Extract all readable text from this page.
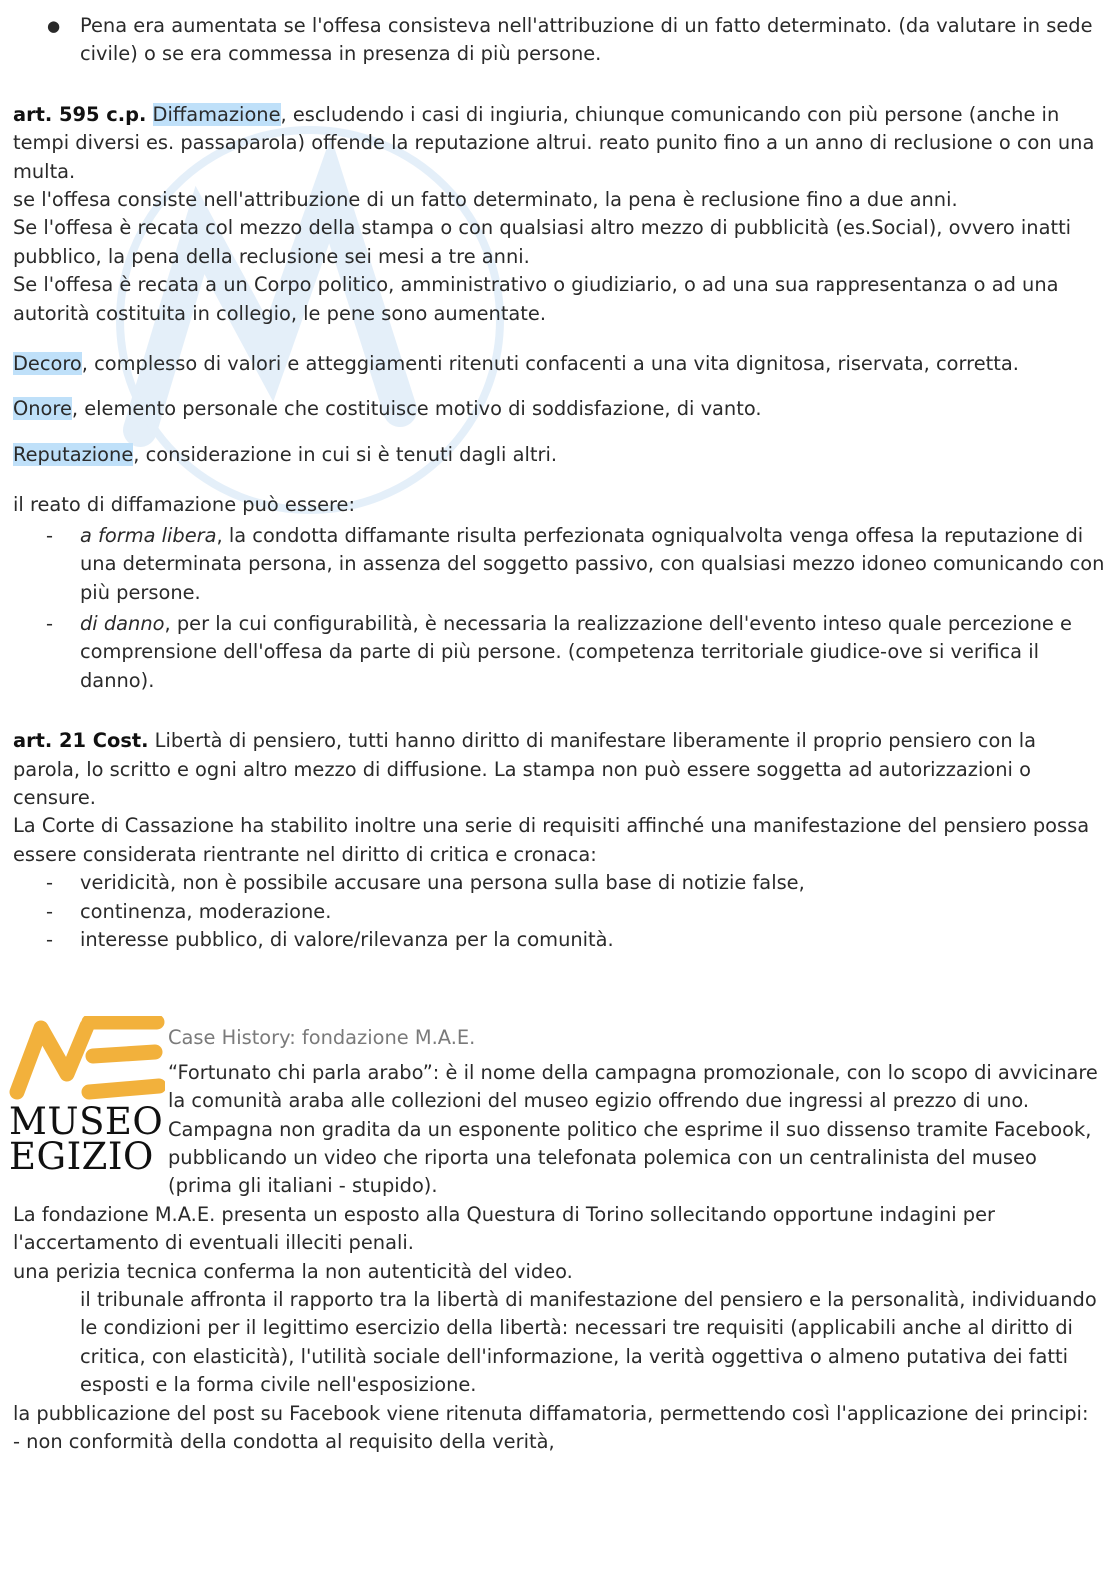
● Pena era aumentata se l'offesa consisteva nell'attribuzione di un fatto determinato. (da valutare in sede civile) o se era commessa in presenza di più persone.

art. 595 c.p. Diffamazione, escludendo i casi di ingiuria, chiunque comunicando con più persone (anche in tempi diversi es. passaparola) offende la reputazione altrui. reato punito fino a un anno di reclusione o con una multa.

se l'offesa consiste nell'attribuzione di un fatto determinato, la pena è reclusione fino a due anni.

Se l'offesa è recata col mezzo della stampa o con qualsiasi altro mezzo di pubblicità (es.Social), ovvero inatti pubblico, la pena della reclusione sei mesi a tre anni.

Se l'offesa è recata a un Corpo politico, amministrativo o giudiziario, o ad una sua rappresentanza o ad una autorità costituita in collegio, le pene sono aumentate.

Decoro, complesso di valori e atteggiamenti ritenuti confacenti a una vita dignitosa, riservata, corretta.

Onore, elemento personale che costituisce motivo di soddisfazione, di vanto.

Reputazione, considerazione in cui si è tenuti dagli altri.

il reato di diffamazione può essere:

- a forma libera, la condotta diffamante risulta perfezionata ogniqualvolta venga offesa la reputazione di una determinata persona, in assenza del soggetto passivo, con qualsiasi mezzo idoneo comunicando con più persone.
- di danno, per la cui configurabilità, è necessaria la realizzazione dell'evento inteso quale percezione e comprensione dell'offesa da parte di più persone. (competenza territoriale giudice-ove si verifica il danno).

art. 21 Cost. Libertà di pensiero, tutti hanno diritto di manifestare liberamente il proprio pensiero con la parola, lo scritto e ogni altro mezzo di diffusione. La stampa non può essere soggetta ad autorizzazioni o censure.

La Corte di Cassazione ha stabilito inoltre una serie di requisiti affinché una manifestazione del pensiero possa essere considerata rientrante nel diritto di critica e cronaca:

- veridicità, non è possibile accusare una persona sulla base di notizie false,
- continenza, moderazione.
- interesse pubblico, di valore/rilevanza per la comunità.
MUSEO
EGIZIO

Case History: fondazione M.A.E.

“Fortunato chi parla arabo”: è il nome della campagna promozionale, con lo scopo di avvicinare la comunità araba alle collezioni del museo egizio offrendo due ingressi al prezzo di uno. Campagna non gradita da un esponente politico che esprime il suo dissenso tramite Facebook, pubblicando un video che riporta una telefonata polemica con un centralinista del museo (prima gli italiani - stupido).

La fondazione M.A.E. presenta un esposto alla Questura di Torino sollecitando opportune indagini per l'accertamento di eventuali illeciti penali.

una perizia tecnica conferma la non autenticità del video.

il tribunale affronta il rapporto tra la libertà di manifestazione del pensiero e la personalità, individuando le condizioni per il legittimo esercizio della libertà: necessari tre requisiti (applicabili anche al diritto di critica, con elasticità), l'utilità sociale dell'informazione, la verità oggettiva o almeno putativa dei fatti esposti e la forma civile nell'esposizione.

la pubblicazione del post su Facebook viene ritenuta diffamatoria, permettendo così l'applicazione dei principi:

- non conformità della condotta al requisito della verità,
